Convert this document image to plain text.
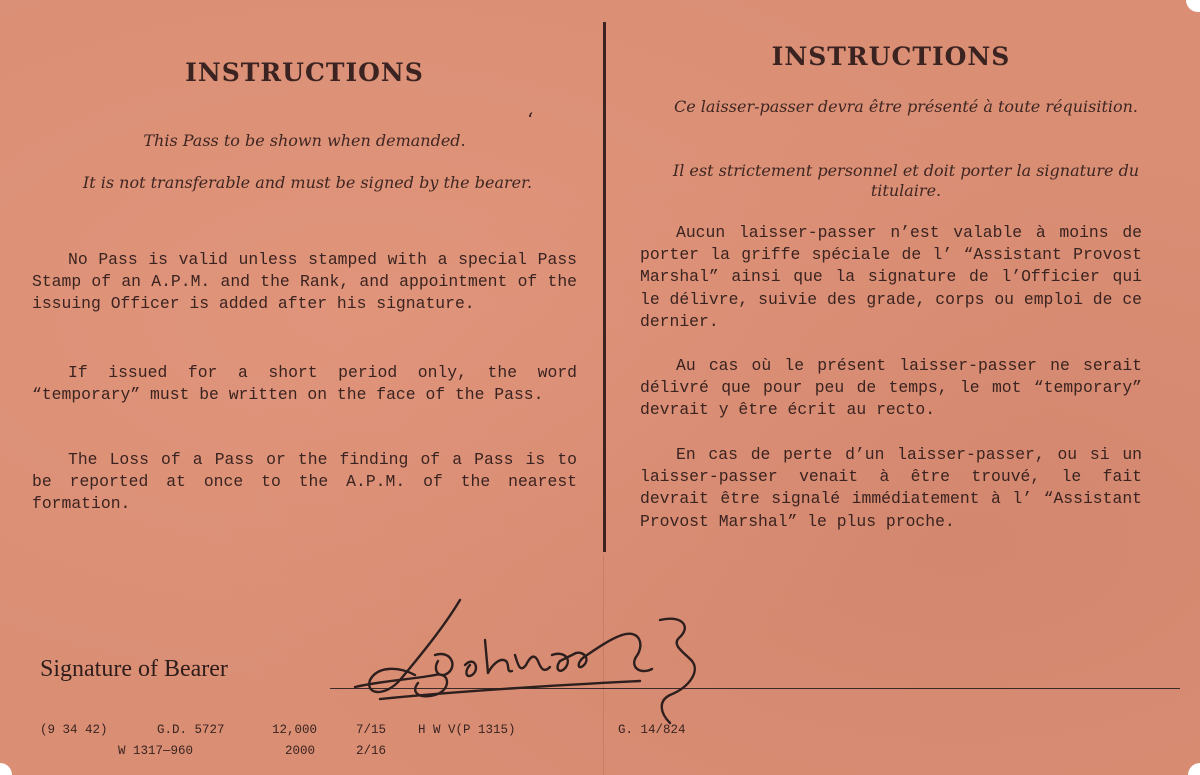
INSTRUCTIONS
This Pass to be shown when demanded.
It is not transferable and must be signed by the bearer.
No Pass is valid unless stamped with a special Pass Stamp of an A.P.M. and the Rank, and appointment of the issuing Officer is added after his signature.
If issued for a short period only, the word “temporary” must be written on the face of the Pass.
The Loss of a Pass or the finding of a Pass is to be reported at once to the A.P.M. of the nearest formation.
‘
INSTRUCTIONS
Ce laisser-passer devra être présenté à toute réquisition.
Il est strictement personnel et doit porter la signature du titulaire.
Aucun laisser-passer n’est valable à moins de porter la griffe spéciale de l’ “Assistant Provost Marshal” ainsi que la signature de l’Officier qui le délivre, suivie des grade, corps ou emploi de ce dernier.
Au cas où le présent laisser-passer ne serait délivré que pour peu de temps, le mot “temporary” devrait y être écrit au recto.
En cas de perte d’un laisser-passer, ou si un laisser-passer venait à être trouvé, le fait devrait être signalé immédiatement à l’ “Assistant Provost Marshal” le plus proche.
Signature of Bearer
(9 34 42)	G.D. 5727	12,000	7/15	H W V(P 1315)
W 1317—960	2000	2/16
G. 14/824
